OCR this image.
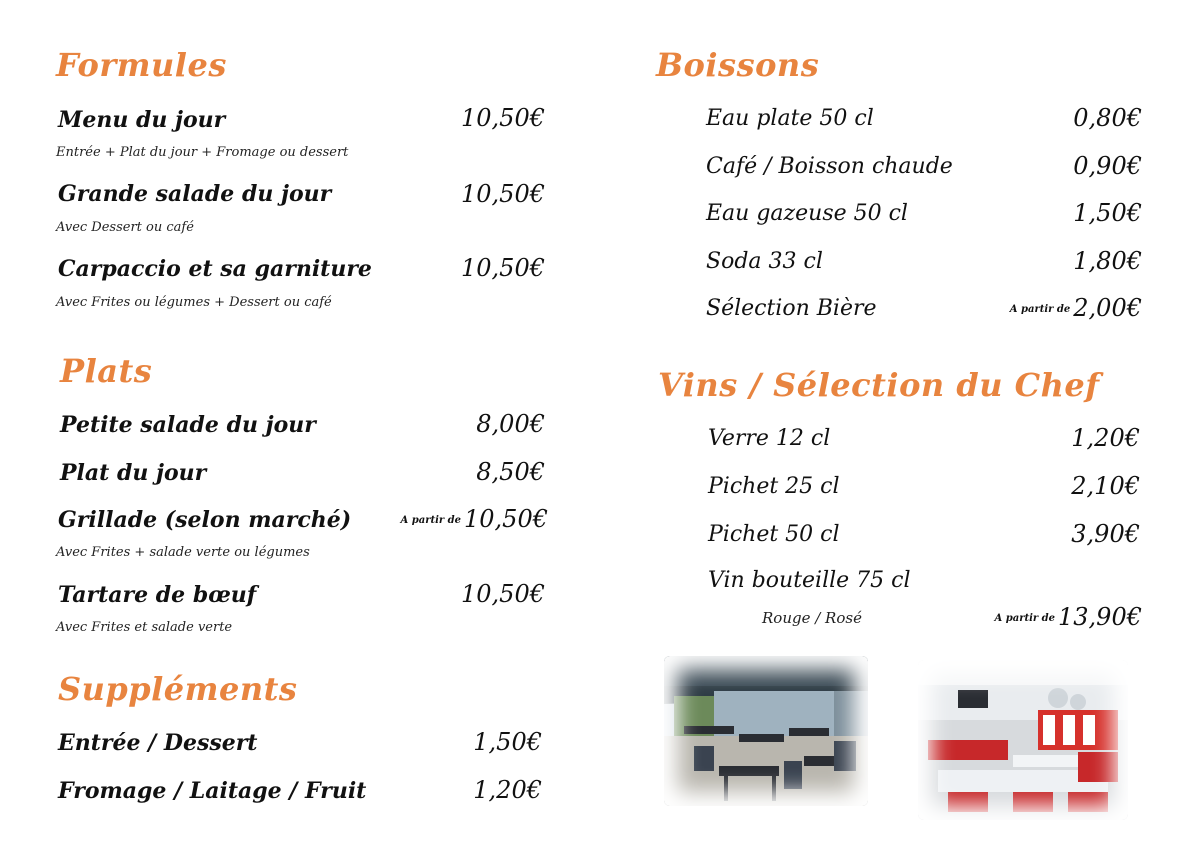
Formules
Menu du jour	10,50€
Entrée + Plat du jour + Fromage ou dessert
Grande salade du jour	10,50€
Avec Dessert ou café
Carpaccio et sa garniture	10,50€
Avec Frites ou légumes + Dessert ou café
Plats
Petite salade du jour	8,00€
Plat du jour	8,50€
Grillade (selon marché)	A partir de 10,50€
Avec Frites + salade verte ou légumes
Tartare de bœuf	10,50€
Avec Frites et salade verte
Suppléments
Entrée / Dessert	1,50€
Fromage / Laitage / Fruit	1,20€
Boissons
Eau plate 50 cl	0,80€
Café / Boisson chaude	0,90€
Eau gazeuse 50 cl	1,50€
Soda 33 cl	1,80€
Sélection Bière	A partir de 2,00€
Vins / Sélection du Chef
Verre 12 cl	1,20€
Pichet 25 cl	2,10€
Pichet 50 cl	3,90€
Vin bouteille 75 cl
Rouge / Rosé	A partir de 13,90€
